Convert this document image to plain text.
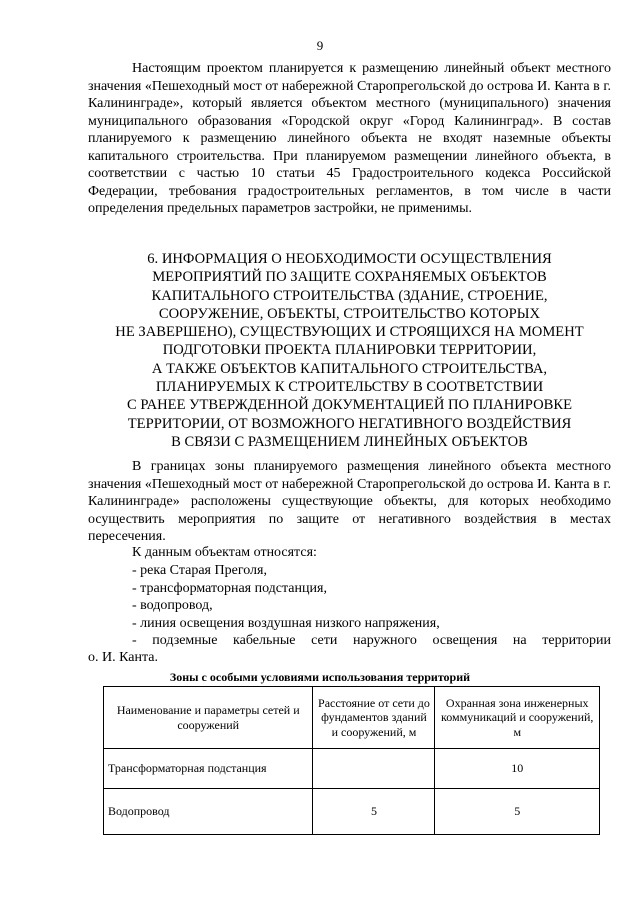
9
Настоящим проектом планируется к размещению линейный объект местного значения «Пешеходный мост от набережной Старопрегольской до острова И. Канта в г. Калининграде», который является объектом местного (муниципального) значения муниципального образования «Городской округ «Город Калининград». В состав планируемого к размещению линейного объекта не входят наземные объекты капитального строительства. При планируемом размещении линейного объекта, в соответствии с частью 10 статьи 45 Градостроительного кодекса Российской Федерации, требования градостроительных регламентов, в том числе в части определения предельных параметров застройки, не применимы.
6. ИНФОРМАЦИЯ О НЕОБХОДИМОСТИ ОСУЩЕСТВЛЕНИЯ
МЕРОПРИЯТИЙ ПО ЗАЩИТЕ СОХРАНЯЕМЫХ ОБЪЕКТОВ
КАПИТАЛЬНОГО СТРОИТЕЛЬСТВА (ЗДАНИЕ, СТРОЕНИЕ,
СООРУЖЕНИЕ, ОБЪЕКТЫ, СТРОИТЕЛЬСТВО КОТОРЫХ
НЕ ЗАВЕРШЕНО), СУЩЕСТВУЮЩИХ И СТРОЯЩИХСЯ НА МОМЕНТ
ПОДГОТОВКИ ПРОЕКТА ПЛАНИРОВКИ ТЕРРИТОРИИ,
А ТАКЖЕ ОБЪЕКТОВ КАПИТАЛЬНОГО СТРОИТЕЛЬСТВА,
ПЛАНИРУЕМЫХ К СТРОИТЕЛЬСТВУ В СООТВЕТСТВИИ
С РАНЕЕ УТВЕРЖДЕННОЙ ДОКУМЕНТАЦИЕЙ ПО ПЛАНИРОВКЕ
ТЕРРИТОРИИ, ОТ ВОЗМОЖНОГО НЕГАТИВНОГО ВОЗДЕЙСТВИЯ
В СВЯЗИ С РАЗМЕЩЕНИЕМ ЛИНЕЙНЫХ ОБЪЕКТОВ
В границах зоны планируемого размещения линейного объекта местного значения «Пешеходный мост от набережной Старопрегольской до острова И. Канта в г. Калининграде» расположены существующие объекты, для которых необходимо осуществить мероприятия по защите от негативного воздействия в местах пересечения.
К данным объектам относятся:
- река Старая Преголя,
- трансформаторная подстанция,
- водопровод,
- линия освещения воздушная низкого напряжения,
- подземные кабельные сети наружного освещения на территории
о. И. Канта.
Зоны с особыми условиями использования территорий
Наименование и параметры сетей и сооружений	Расстояние от сети до фундаментов зданий и сооружений, м	Охранная зона инженерных коммуникаций и сооружений, м
Трансформаторная подстанция		10
Водопровод	5	5
